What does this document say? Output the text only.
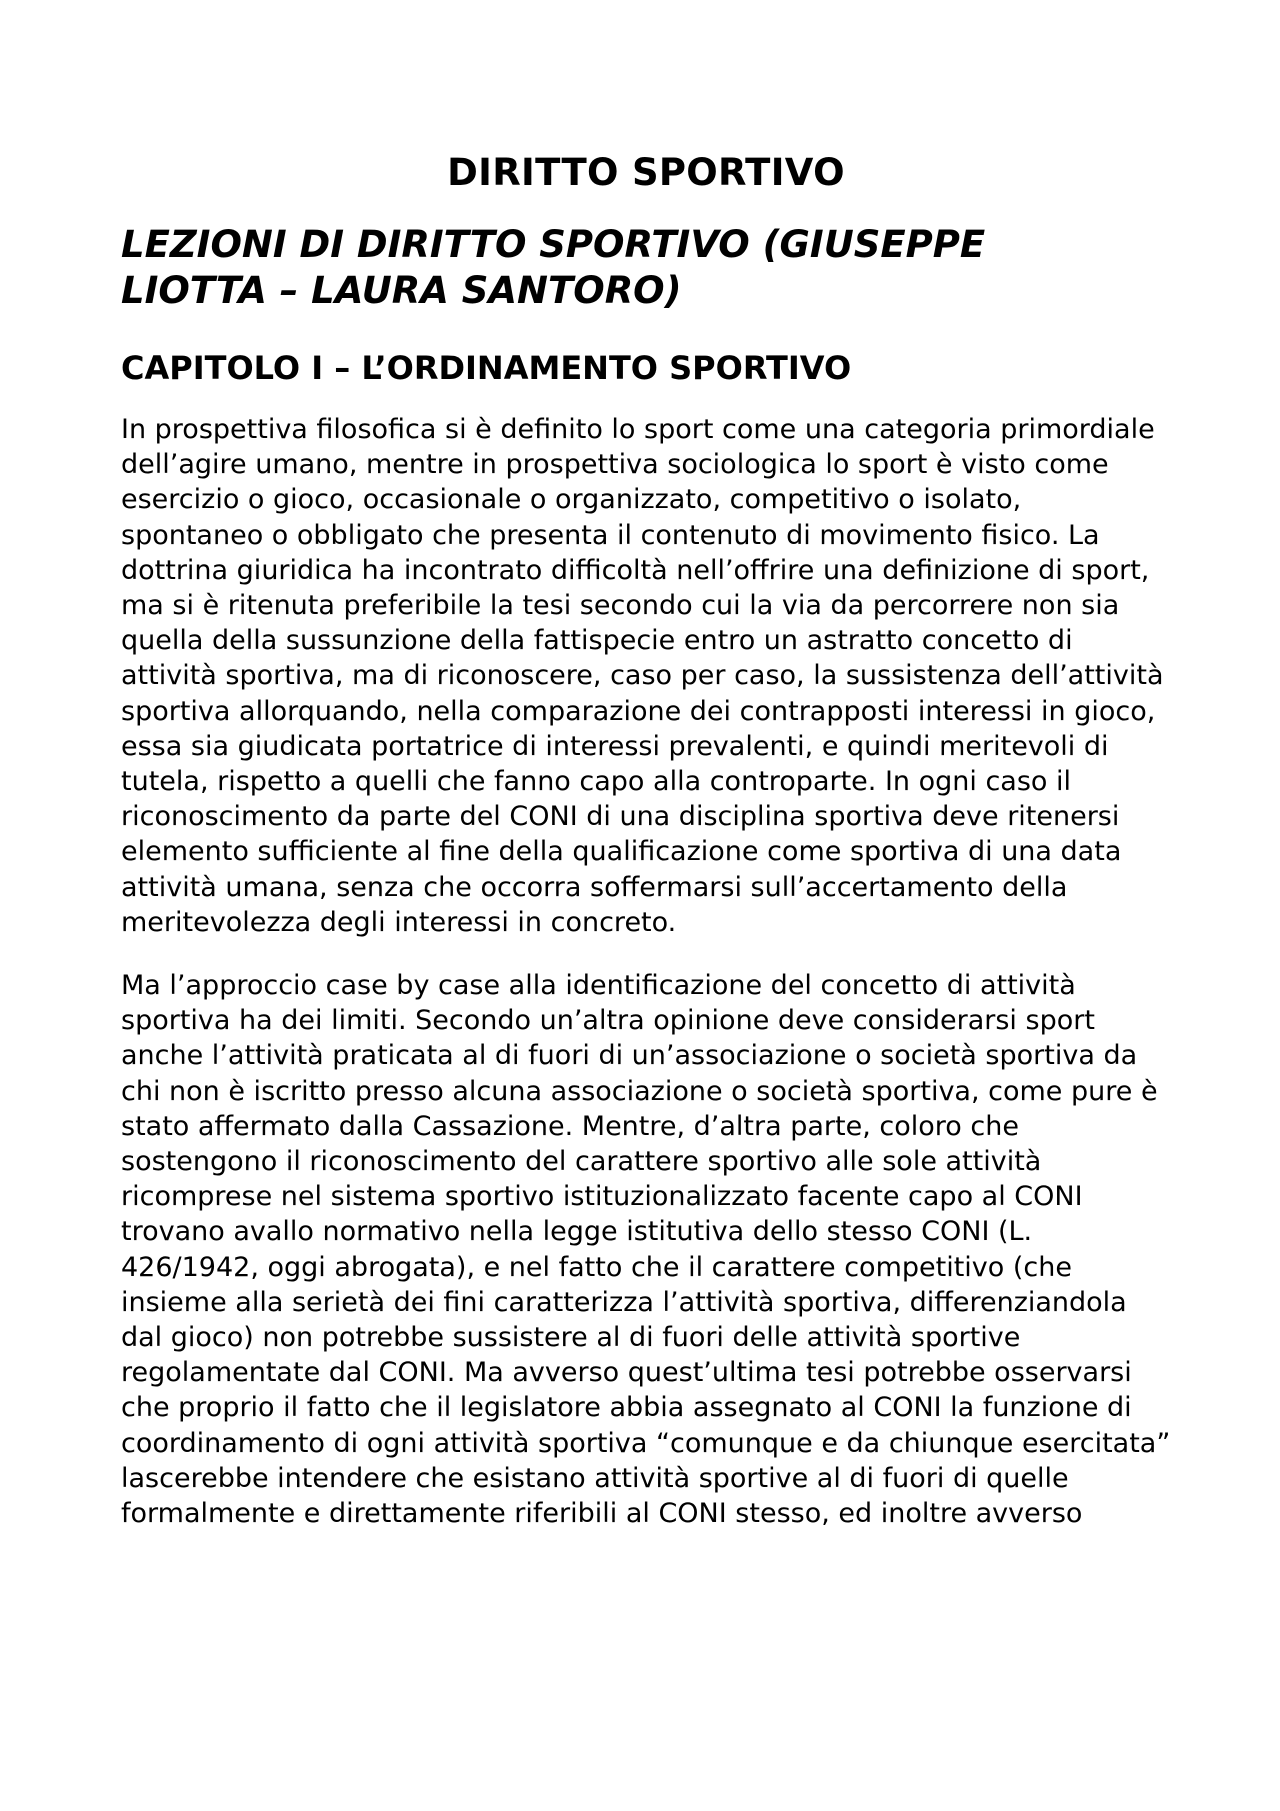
DIRITTO SPORTIVO
LEZIONI DI DIRITTO SPORTIVO (GIUSEPPE LIOTTA – LAURA SANTORO)
CAPITOLO I – L’ORDINAMENTO SPORTIVO

In prospettiva filosofica si è definito lo sport come una categoria primordiale dell’agire umano, mentre in prospettiva sociologica lo sport è visto come esercizio o gioco, occasionale o organizzato, competitivo o isolato, spontaneo o obbligato che presenta il contenuto di movimento fisico. La dottrina giuridica ha incontrato difficoltà nell’offrire una definizione di sport, ma si è ritenuta preferibile la tesi secondo cui la via da percorrere non sia quella della sussunzione della fattispecie entro un astratto concetto di attività sportiva, ma di riconoscere, caso per caso, la sussistenza dell’attività sportiva allorquando, nella comparazione dei contrapposti interessi in gioco, essa sia giudicata portatrice di interessi prevalenti, e quindi meritevoli di tutela, rispetto a quelli che fanno capo alla controparte. In ogni caso il riconoscimento da parte del CONI di una disciplina sportiva deve ritenersi elemento sufficiente al fine della qualificazione come sportiva di una data attività umana, senza che occorra soffermarsi sull’accertamento della meritevolezza degli interessi in concreto.

Ma l’approccio case by case alla identificazione del concetto di attività sportiva ha dei limiti. Secondo un’altra opinione deve considerarsi sport anche l’attività praticata al di fuori di un’associazione o società sportiva da chi non è iscritto presso alcuna associazione o società sportiva, come pure è stato affermato dalla Cassazione. Mentre, d’altra parte, coloro che sostengono il riconoscimento del carattere sportivo alle sole attività ricomprese nel sistema sportivo istituzionalizzato facente capo al CONI trovano avallo normativo nella legge istitutiva dello stesso CONI (L. 426/1942, oggi abrogata), e nel fatto che il carattere competitivo (che insieme alla serietà dei fini caratterizza l’attività sportiva, differenziandola dal gioco) non potrebbe sussistere al di fuori delle attività sportive regolamentate dal CONI. Ma avverso quest’ultima tesi potrebbe osservarsi che proprio il fatto che il legislatore abbia assegnato al CONI la funzione di coordinamento di ogni attività sportiva “comunque e da chiunque esercitata” lascerebbe intendere che esistano attività sportive al di fuori di quelle formalmente e direttamente riferibili al CONI stesso, ed inoltre avverso
